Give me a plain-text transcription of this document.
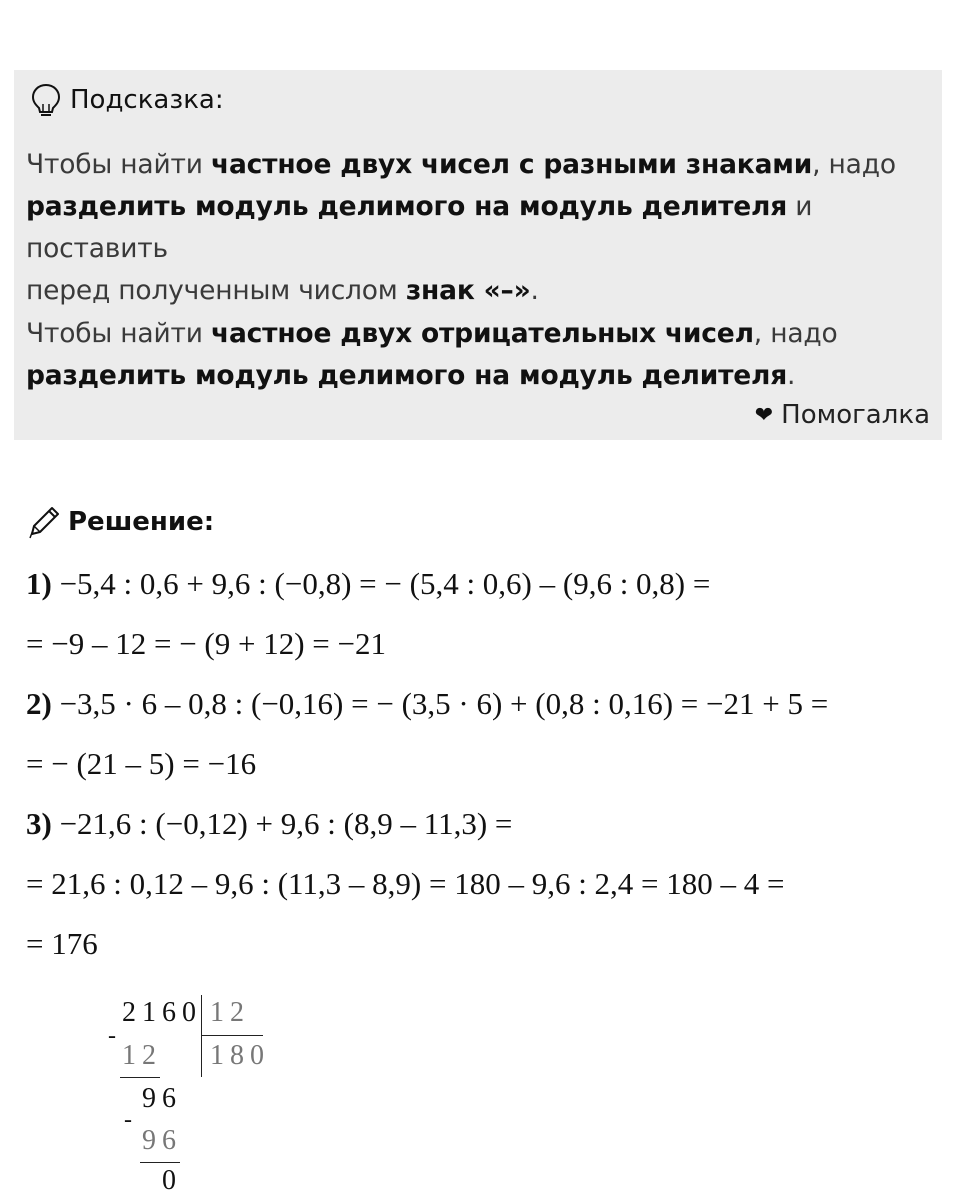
Подсказка:
Чтобы найти частное двух чисел с разными знаками, надо
разделить модуль делимого на модуль делителя и поставить
перед полученным числом знак «–».
Чтобы найти частное двух отрицательных чисел, надо
разделить модуль делимого на модуль делителя.
❤ Помогалка
Решение:
1) −5,4 : 0,6 + 9,6 : (−0,8) = − (5,4 : 0,6) – (9,6 : 0,8) =
= −9 – 12 = − (9 + 12) = −21
2) −3,5 · 6 – 0,8 : (−0,16) = − (3,5 · 6) + (0,8 : 0,16) = −21 + 5 =
= − (21 – 5) = −16
3) −21,6 : (−0,12) + 9,6 : (8,9 – 11,3) =
= 21,6 : 0,12 – 9,6 : (11,3 – 8,9) = 180 – 9,6 : 2,4 = 180 – 4 =
= 176
2160 12
180
-
12
96
-
96
0
